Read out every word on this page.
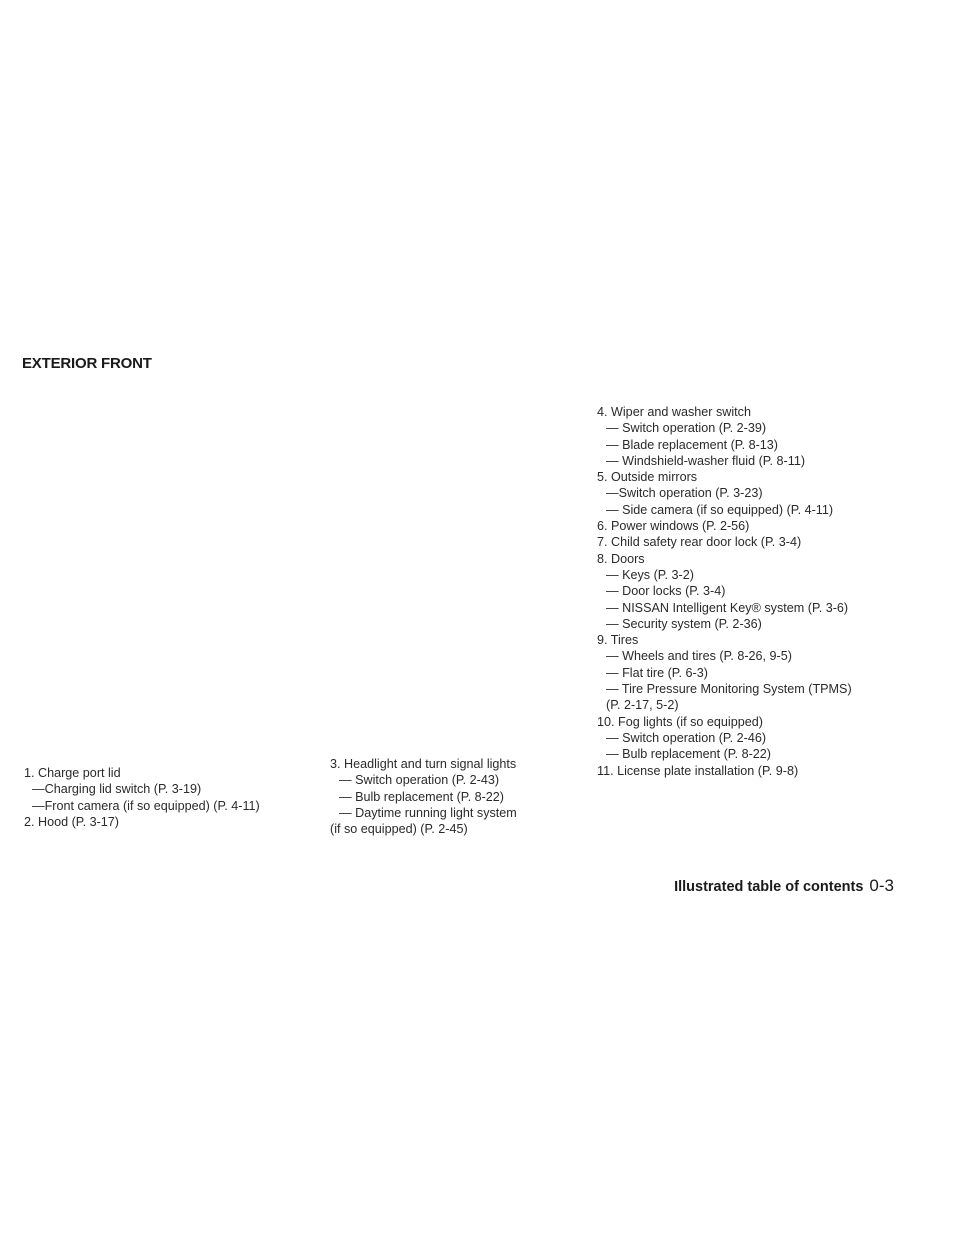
EXTERIOR FRONT
1. Charge port lid
—Charging lid switch (P. 3-19)
—Front camera (if so equipped) (P. 4-11)
2. Hood (P. 3-17)
3. Headlight and turn signal lights
— Switch operation (P. 2-43)
— Bulb replacement (P. 8-22)
— Daytime running light system
(if so equipped) (P. 2-45)
4. Wiper and washer switch
— Switch operation (P. 2-39)
— Blade replacement (P. 8-13)
— Windshield-washer fluid (P. 8-11)
5. Outside mirrors
—Switch operation (P. 3-23)
— Side camera (if so equipped) (P. 4-11)
6. Power windows (P. 2-56)
7. Child safety rear door lock (P. 3-4)
8. Doors
— Keys (P. 3-2)
— Door locks (P. 3-4)
— NISSAN Intelligent Key® system (P. 3-6)
— Security system (P. 2-36)
9. Tires
— Wheels and tires (P. 8-26, 9-5)
— Flat tire (P. 6-3)
— Tire Pressure Monitoring System (TPMS)
(P. 2-17, 5-2)
10. Fog lights (if so equipped)
— Switch operation (P. 2-46)
— Bulb replacement (P. 8-22)
11. License plate installation (P. 9-8)
Illustrated table of contents 0-3
